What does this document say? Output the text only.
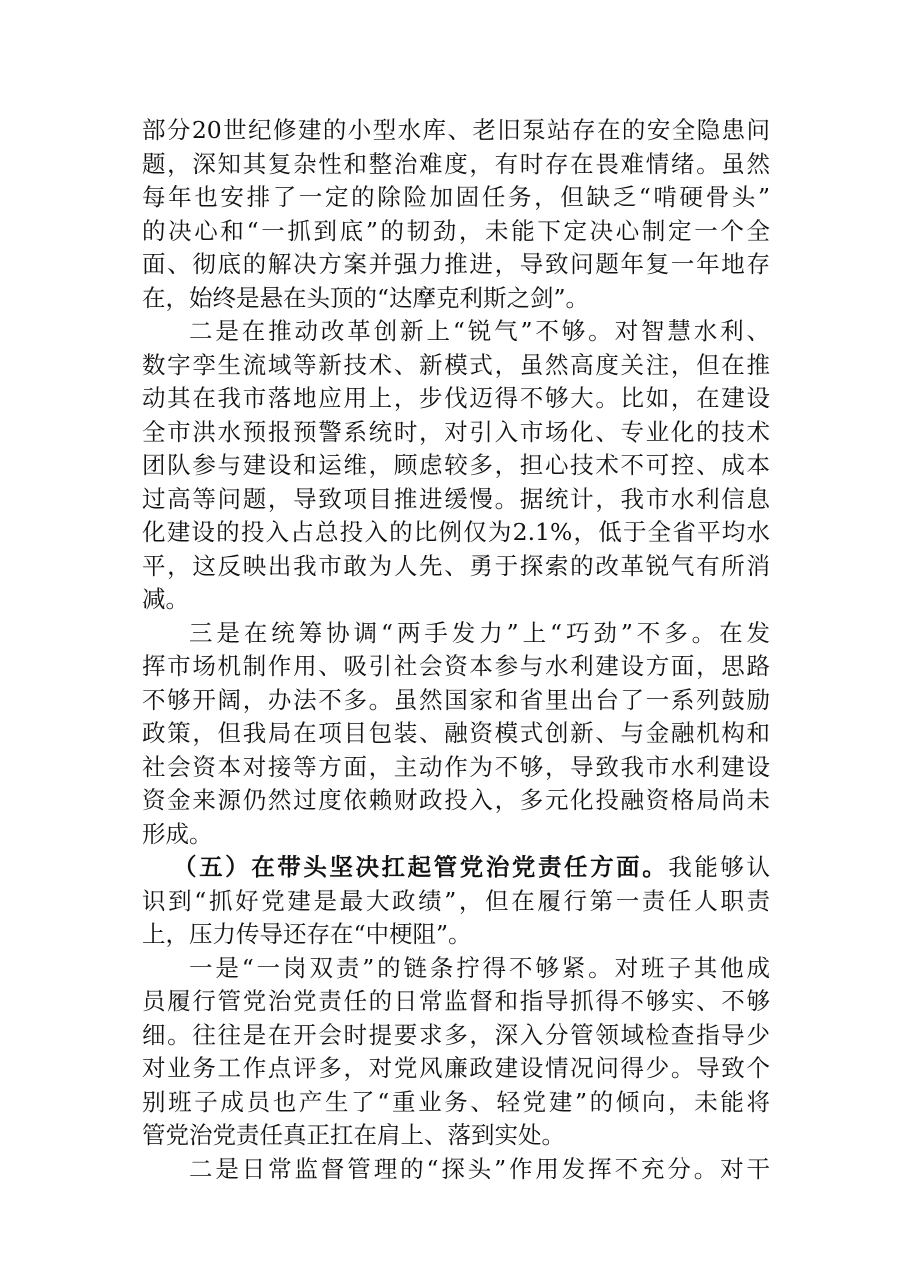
部分20世纪修建的小型水库、老旧泵站存在的安全隐患问
题，深知其复杂性和整治难度，有时存在畏难情绪。虽然
每年也安排了一定的除险加固任务，但缺乏“啃硬骨头”
的决心和“一抓到底”的韧劲，未能下定决心制定一个全
面、彻底的解决方案并强力推进，导致问题年复一年地存
在，始终是悬在头顶的“达摩克利斯之剑”。
二是在推动改革创新上“锐气”不够。对智慧水利、
数字孪生流域等新技术、新模式，虽然高度关注，但在推
动其在我市落地应用上，步伐迈得不够大。比如，在建设
全市洪水预报预警系统时，对引入市场化、专业化的技术
团队参与建设和运维，顾虑较多，担心技术不可控、成本
过高等问题，导致项目推进缓慢。据统计，我市水利信息
化建设的投入占总投入的比例仅为2.1%，低于全省平均水
平，这反映出我市敢为人先、勇于探索的改革锐气有所消
减。
三是在统筹协调“两手发力”上“巧劲”不多。在发
挥市场机制作用、吸引社会资本参与水利建设方面，思路
不够开阔，办法不多。虽然国家和省里出台了一系列鼓励
政策，但我局在项目包装、融资模式创新、与金融机构和
社会资本对接等方面，主动作为不够，导致我市水利建设
资金来源仍然过度依赖财政投入，多元化投融资格局尚未
形成。
（五）在带头坚决扛起管党治党责任方面。我能够认
识到“抓好党建是最大政绩”，但在履行第一责任人职责
上，压力传导还存在“中梗阻”。
一是“一岗双责”的链条拧得不够紧。对班子其他成
员履行管党治党责任的日常监督和指导抓得不够实、不够
细。往往是在开会时提要求多，深入分管领域检查指导少
对业务工作点评多，对党风廉政建设情况问得少。导致个
别班子成员也产生了“重业务、轻党建”的倾向，未能将
管党治党责任真正扛在肩上、落到实处。
二是日常监督管理的“探头”作用发挥不充分。对干
